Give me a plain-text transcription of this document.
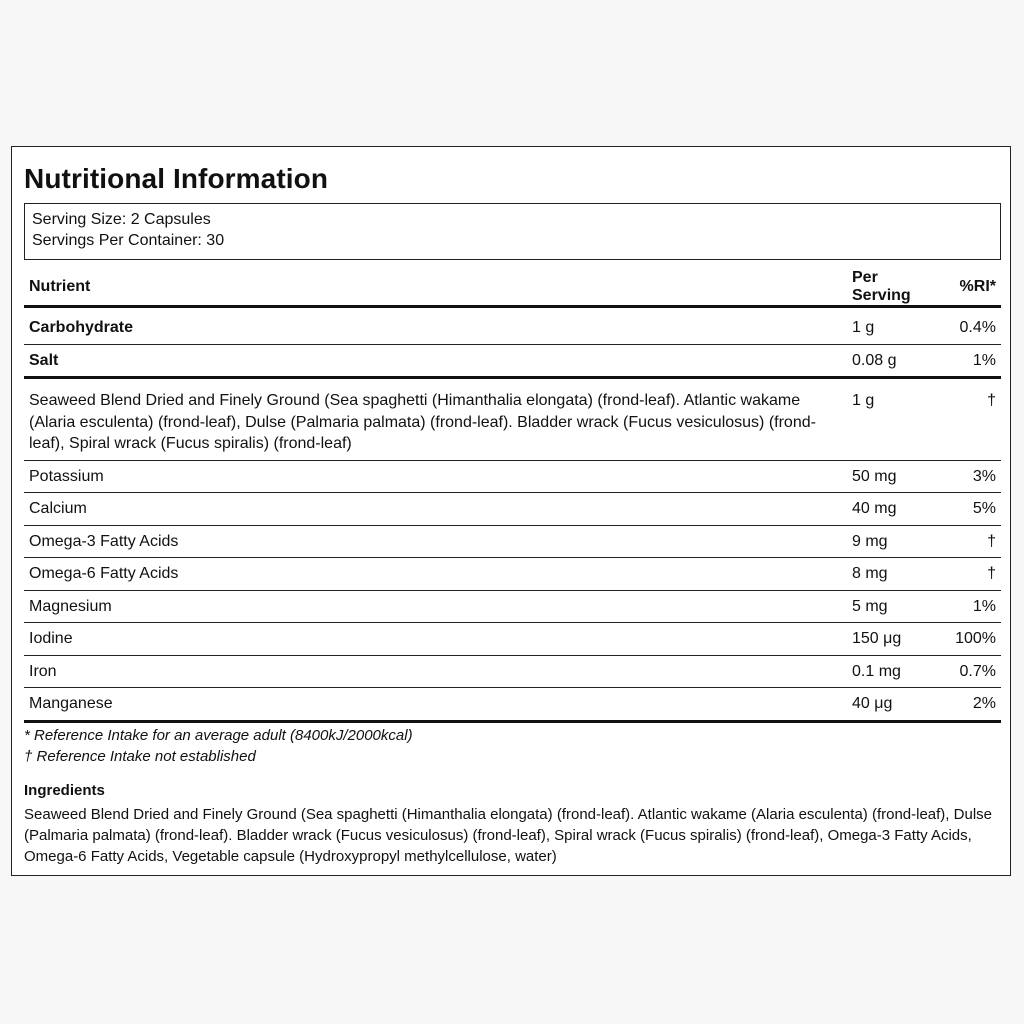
Nutritional Information
Serving Size: 2 Capsules
Servings Per Container: 30
Nutrient	Per Serving	%RI*
Carbohydrate	1 g	0.4%
Salt	0.08 g	1%
Seaweed Blend Dried and Finely Ground (Sea spaghetti (Himanthalia elongata) (frond-leaf). Atlantic wakame (Alaria esculenta) (frond-leaf), Dulse (Palmaria palmata) (frond-leaf). Bladder wrack (Fucus vesiculosus) (frond-leaf), Spiral wrack (Fucus spiralis) (frond-leaf)	1 g	†
Potassium	50 mg	3%
Calcium	40 mg	5%
Omega-3 Fatty Acids	9 mg	†
Omega-6 Fatty Acids	8 mg	†
Magnesium	5 mg	1%
Iodine	150 μg	100%
Iron	0.1 mg	0.7%
Manganese	40 μg	2%
* Reference Intake for an average adult (8400kJ/2000kcal)
† Reference Intake not established
Ingredients
Seaweed Blend Dried and Finely Ground (Sea spaghetti (Himanthalia elongata) (frond-leaf). Atlantic wakame (Alaria esculenta) (frond-leaf), Dulse (Palmaria palmata) (frond-leaf). Bladder wrack (Fucus vesiculosus) (frond-leaf), Spiral wrack (Fucus spiralis) (frond-leaf), Omega-3 Fatty Acids, Omega-6 Fatty Acids, Vegetable capsule (Hydroxypropyl methylcellulose, water)
